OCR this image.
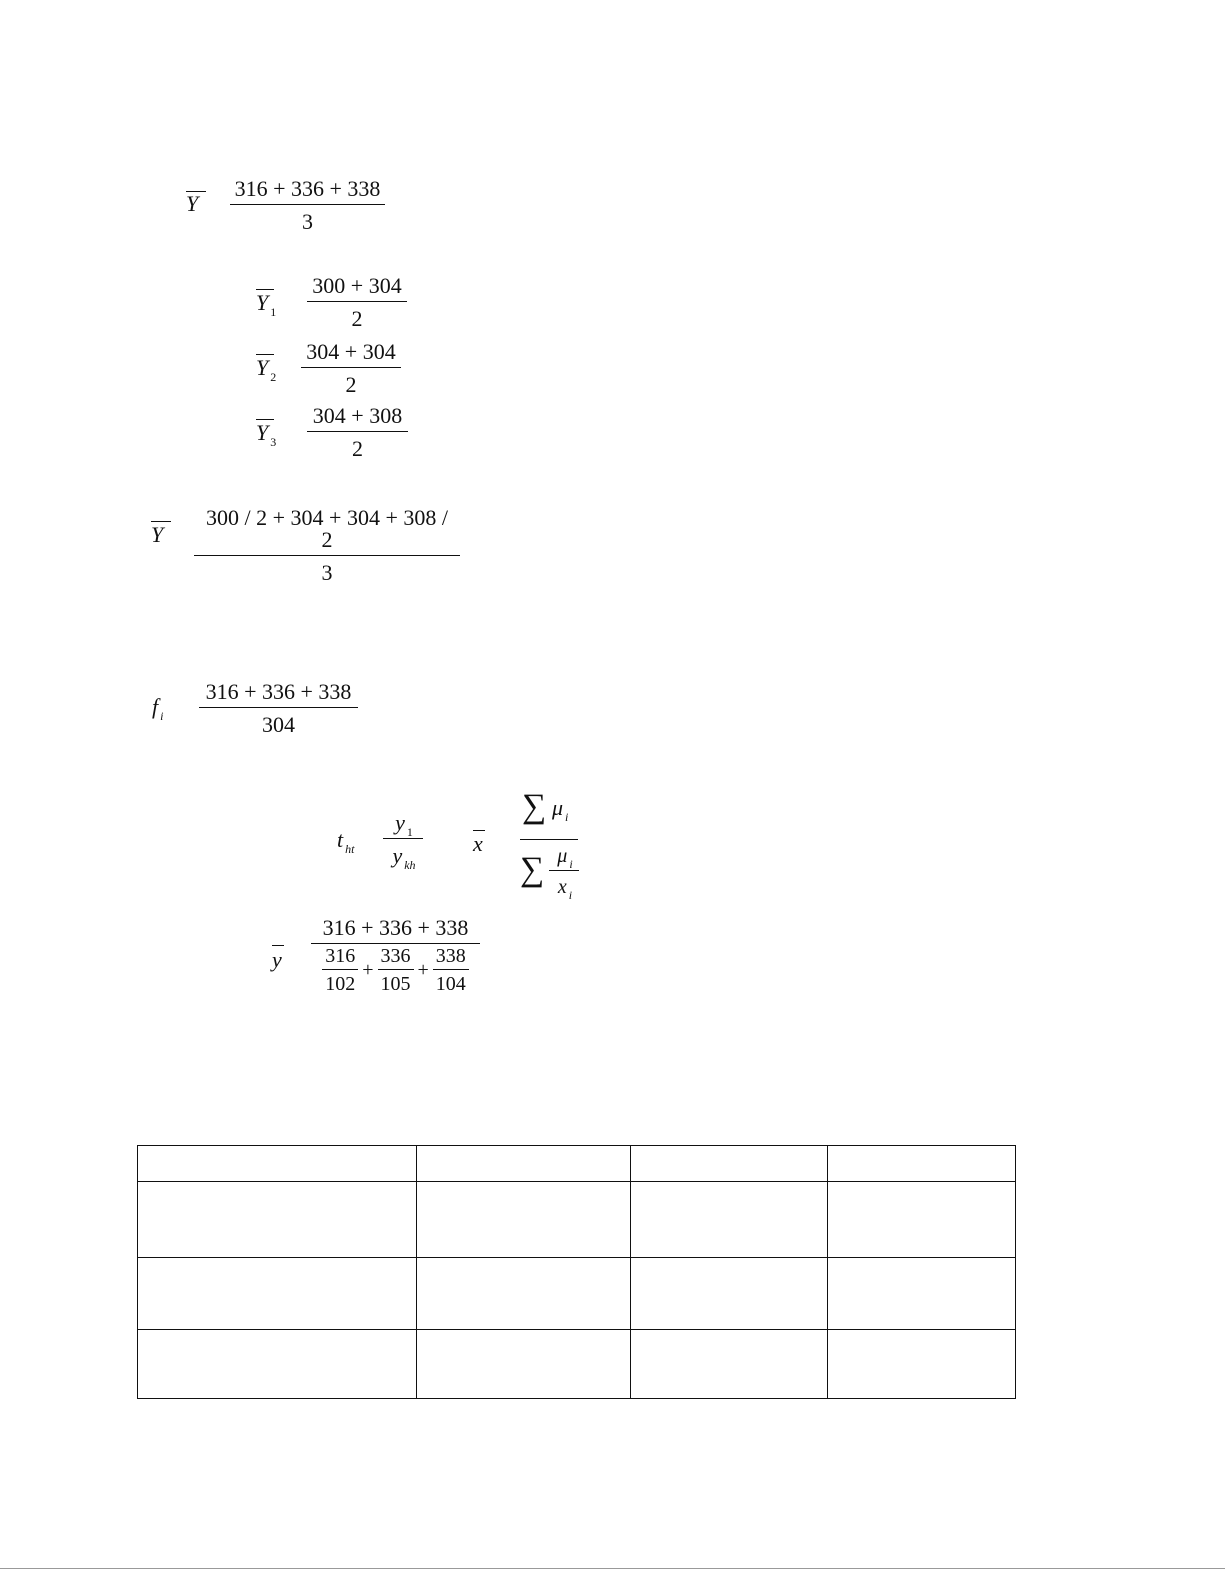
Y
316 + 336 + 338
3
Y $_1$
300 + 304
2
Y $_2$
304 + 304
2
Y $_3$
304 + 308
2
Y
300 / 2 + 304 + 304 + 308 / 2
3
f $_i$
316 + 336 + 338
304
t $_{ht}$
y $_1$
y $_{kh}$
x
∑ μ $_i$
∑ μ $_i$
x $_i$
y
316 + 336 + 338
$\frac{316}{102} + \frac{336}{105} + \frac{338}{104}$
